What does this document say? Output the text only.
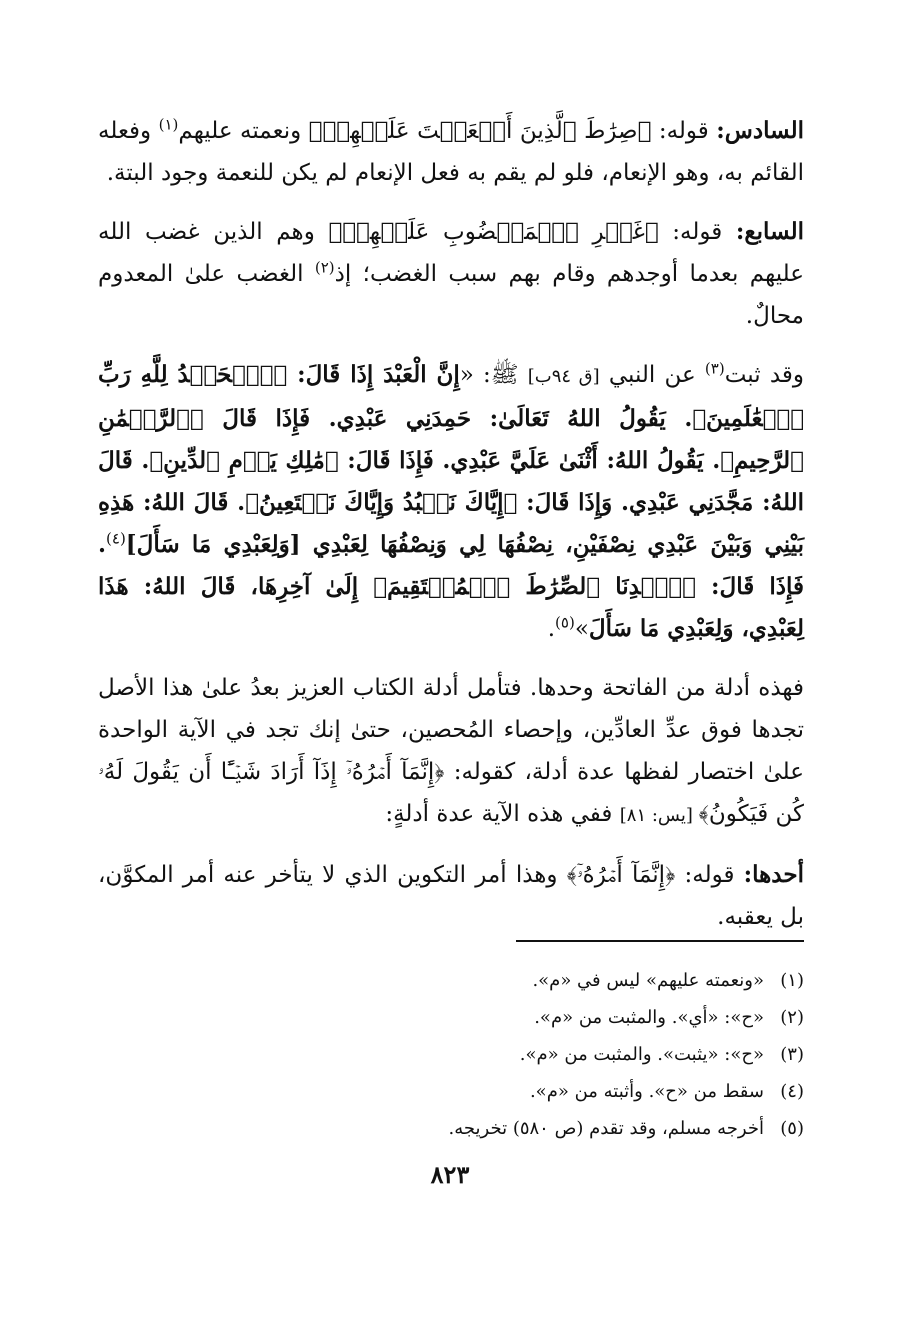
السادس: قوله: ﴿صِرَٰطَ ٱلَّذِينَ أَنۡعَمۡتَ عَلَيۡهِمۡ﴾ ونعمته عليهم$^{(١)}$ وفعله القائم به، وهو الإنعام، فلو لم يقم به فعل الإنعام لم يكن للنعمة وجود البتة.

السابع: قوله: ﴿غَيۡرِ ٱلۡمَغۡضُوبِ عَلَيۡهِمۡ﴾ وهم الذين غضب الله عليهم بعدما أوجدهم وقام بهم سبب الغضب؛ إذ$^{(٢)}$ الغضب علىٰ المعدوم محالٌ.

وقد ثبت$^{(٣)}$ عن النبي [ق ٩٤ب] ﷺ: «إِنَّ الْعَبْدَ إِذَا قَالَ: ﴿ٱلۡحَمۡدُ لِلَّهِ رَبِّ ٱلۡعَٰلَمِينَ﴾. يَقُولُ اللهُ تَعَالَىٰ: حَمِدَنِي عَبْدِي. فَإِذَا قَالَ ﴿ٱلرَّحۡمَٰنِ ٱلرَّحِيمِ﴾. يَقُولُ اللهُ: أَثْنَىٰ عَلَيَّ عَبْدِي. فَإِذَا قَالَ: ﴿مَٰلِكِ يَوۡمِ ٱلدِّينِ﴾. قَالَ اللهُ: مَجَّدَنِي عَبْدِي. وَإِذَا قَالَ: ﴿إِيَّاكَ نَعۡبُدُ وَإِيَّاكَ نَسۡتَعِينُ﴾. قَالَ اللهُ: هَذِهِ بَيْنِي وَبَيْنَ عَبْدِي نِصْفَيْنِ، نِصْفُهَا لِي وَنِصْفُهَا لِعَبْدِي [وَلِعَبْدِي مَا سَأَلَ]$^{(٤)}$. فَإِذَا قَالَ: ﴿ٱهۡدِنَا ٱلصِّرَٰطَ ٱلۡمُسۡتَقِيمَ﴾ إِلَىٰ آخِرِهَا، قَالَ اللهُ: هَذَا لِعَبْدِي، وَلِعَبْدِي مَا سَأَلَ»$^{(٥)}$.

فهذه أدلة من الفاتحة وحدها. فتأمل أدلة الكتاب العزيز بعدُ علىٰ هذا الأصل تجدها فوق عدِّ العادِّين، وإحصاء المُحصين، حتىٰ إنك تجد في الآية الواحدة علىٰ اختصار لفظها عدة أدلة، كقوله: ﴿إِنَّمَآ أَمۡرُهُۥٓ إِذَآ أَرَادَ شَيۡـًٔا أَن يَقُولَ لَهُۥ كُن فَيَكُونُ﴾ [يس: ٨١] ففي هذه الآية عدة أدلةٍ:

أحدها: قوله: ﴿إِنَّمَآ أَمۡرُهُۥٓ﴾ وهذا أمر التكوين الذي لا يتأخر عنه أمر المكوَّن، بل يعقبه.

(١)«ونعمته عليهم» ليس في «م».
(٢)«ح»: «أي». والمثبت من «م».
(٣)«ح»: «يثبت». والمثبت من «م».
(٤)سقط من «ح». وأثبته من «م».
(٥)أخرجه مسلم، وقد تقدم (ص ٥٨٠) تخريجه.
٨٢٣
